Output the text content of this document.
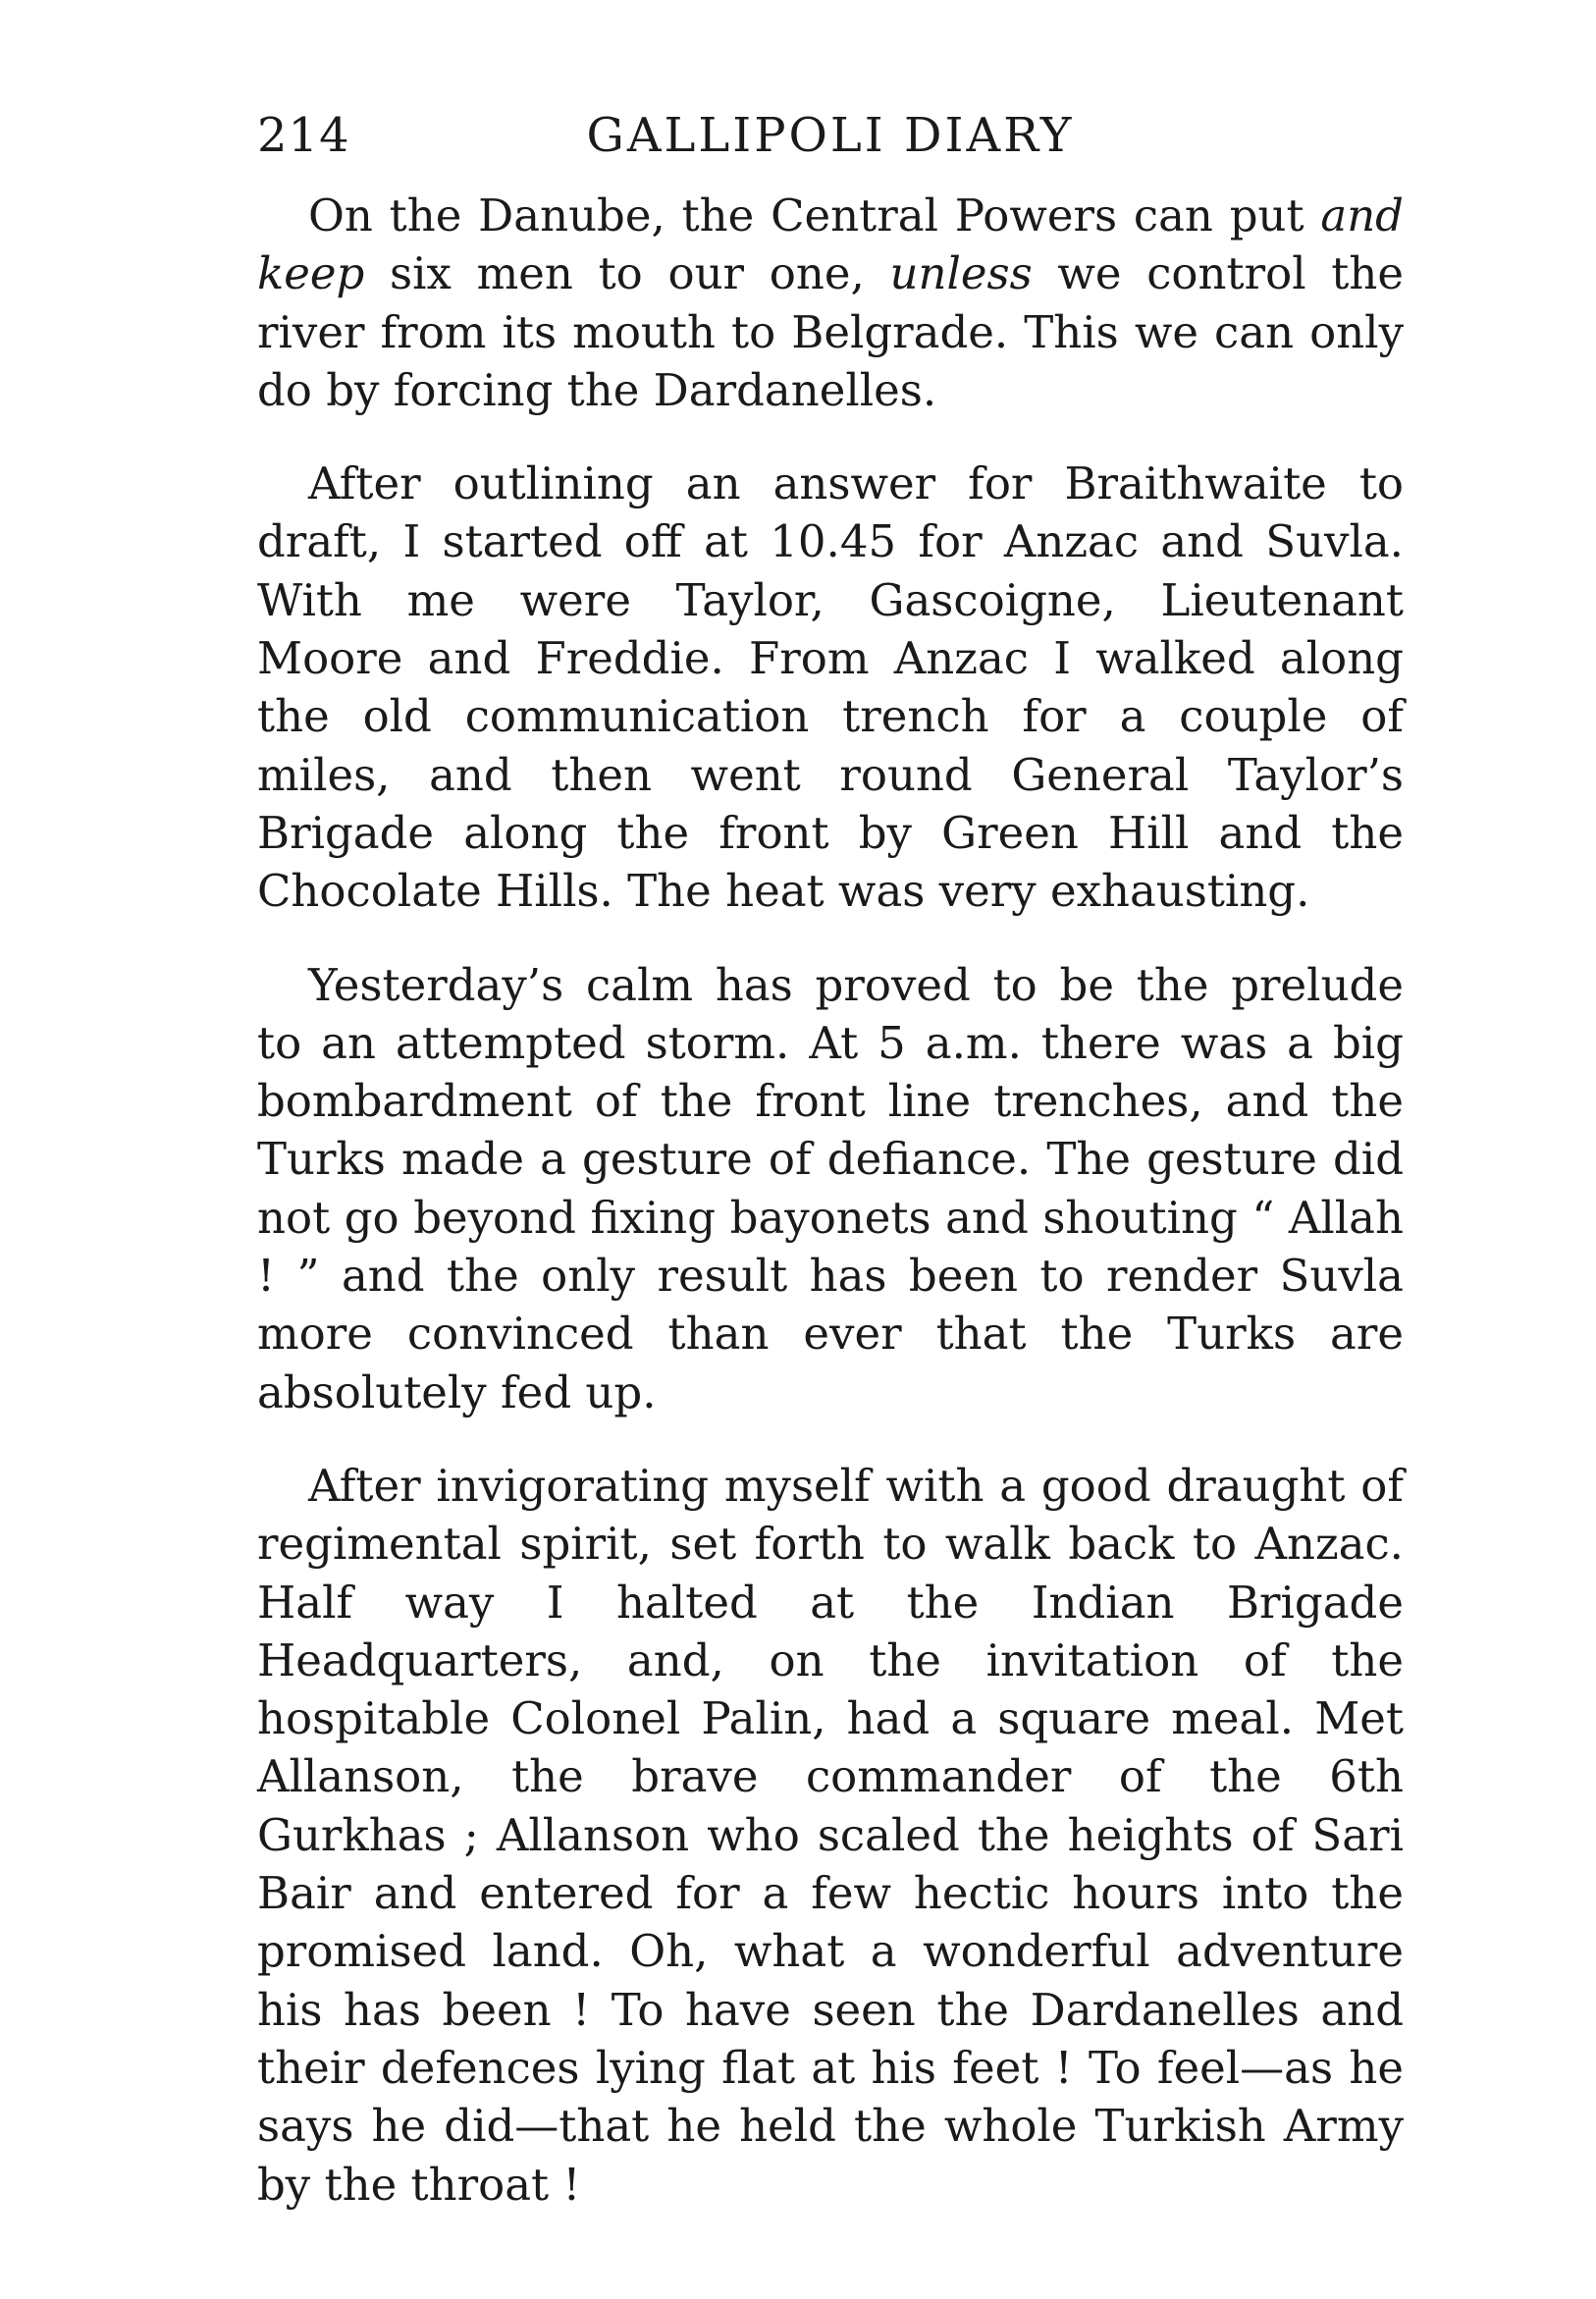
214	GALLIPOLI DIARY

On the Danube, the Central Powers can put and keep six men to our one, unless we control the river from its mouth to Belgrade. This we can only do by forcing the Dardanelles.

After outlining an answer for Braithwaite to draft, I started off at 10.45 for Anzac and Suvla. With me were Taylor, Gascoigne, Lieutenant Moore and Freddie. From Anzac I walked along the old communication trench for a couple of miles, and then went round General Taylor’s Brigade along the front by Green Hill and the Chocolate Hills. The heat was very exhausting.

Yesterday’s calm has proved to be the prelude to an attempted storm. At 5 a.m. there was a big bombardment of the front line trenches, and the Turks made a gesture of defiance. The gesture did not go beyond fixing bayonets and shouting “ Allah ! ” and the only result has been to render Suvla more convinced than ever that the Turks are absolutely fed up.

After invigorating myself with a good draught of regimental spirit, set forth to walk back to Anzac. Half way I halted at the Indian Brigade Headquarters, and, on the invitation of the hospitable Colonel Palin, had a square meal. Met Allanson, the brave commander of the 6th Gurkhas ; Allanson who scaled the heights of Sari Bair and entered for a few hectic hours into the promised land. Oh, what a wonderful adventure his has been ! To have seen the Dardanelles and their defences lying flat at his feet ! To feel—as he says he did—that he held the whole Turkish Army by the throat !
